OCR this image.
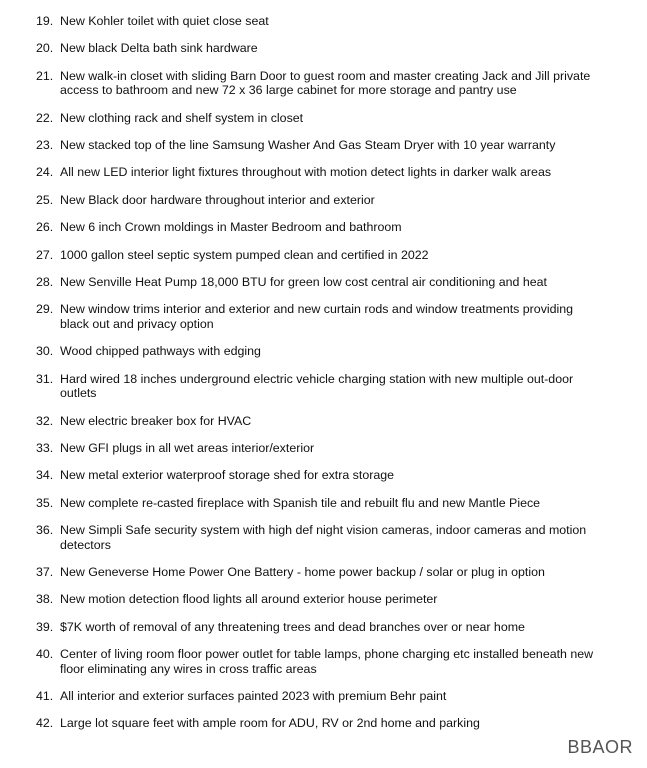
19. New Kohler toilet with quiet close seat
20. New black Delta bath sink hardware
21. New walk-in closet with sliding Barn Door to guest room and master creating Jack and Jill private access to bathroom and new 72 x 36 large cabinet for more storage and pantry use
22. New clothing rack and shelf system in closet
23. New stacked top of the line Samsung Washer And Gas Steam Dryer with 10 year warranty
24. All new LED interior light fixtures throughout with motion detect lights in darker walk areas
25. New Black door hardware throughout interior and exterior
26. New 6 inch Crown moldings in Master Bedroom and bathroom
27. 1000 gallon steel septic system pumped clean and certified in 2022
28. New Senville Heat Pump 18,000 BTU for green low cost central air conditioning and heat
29. New window trims interior and exterior and new curtain rods and window treatments providing black out and privacy option
30. Wood chipped pathways with edging
31. Hard wired 18 inches underground electric vehicle charging station with new multiple out-door outlets
32. New electric breaker box for HVAC
33. New GFI plugs in all wet areas interior/exterior
34. New metal exterior waterproof storage shed for extra storage
35. New complete re-casted fireplace with Spanish tile and rebuilt flu and new Mantle Piece
36. New Simpli Safe security system with high def night vision cameras, indoor cameras and motion detectors
37. New Geneverse Home Power One Battery - home power backup / solar or plug in option
38. New motion detection flood lights all around exterior house perimeter
39. $7K worth of removal of any threatening trees and dead branches over or near home
40. Center of living room floor power outlet for table lamps, phone charging etc installed beneath new floor eliminating any wires in cross traffic areas
41. All interior and exterior surfaces painted 2023 with premium Behr paint
42. Large lot square feet with ample room for ADU, RV or 2nd home and parking
BBAOR
